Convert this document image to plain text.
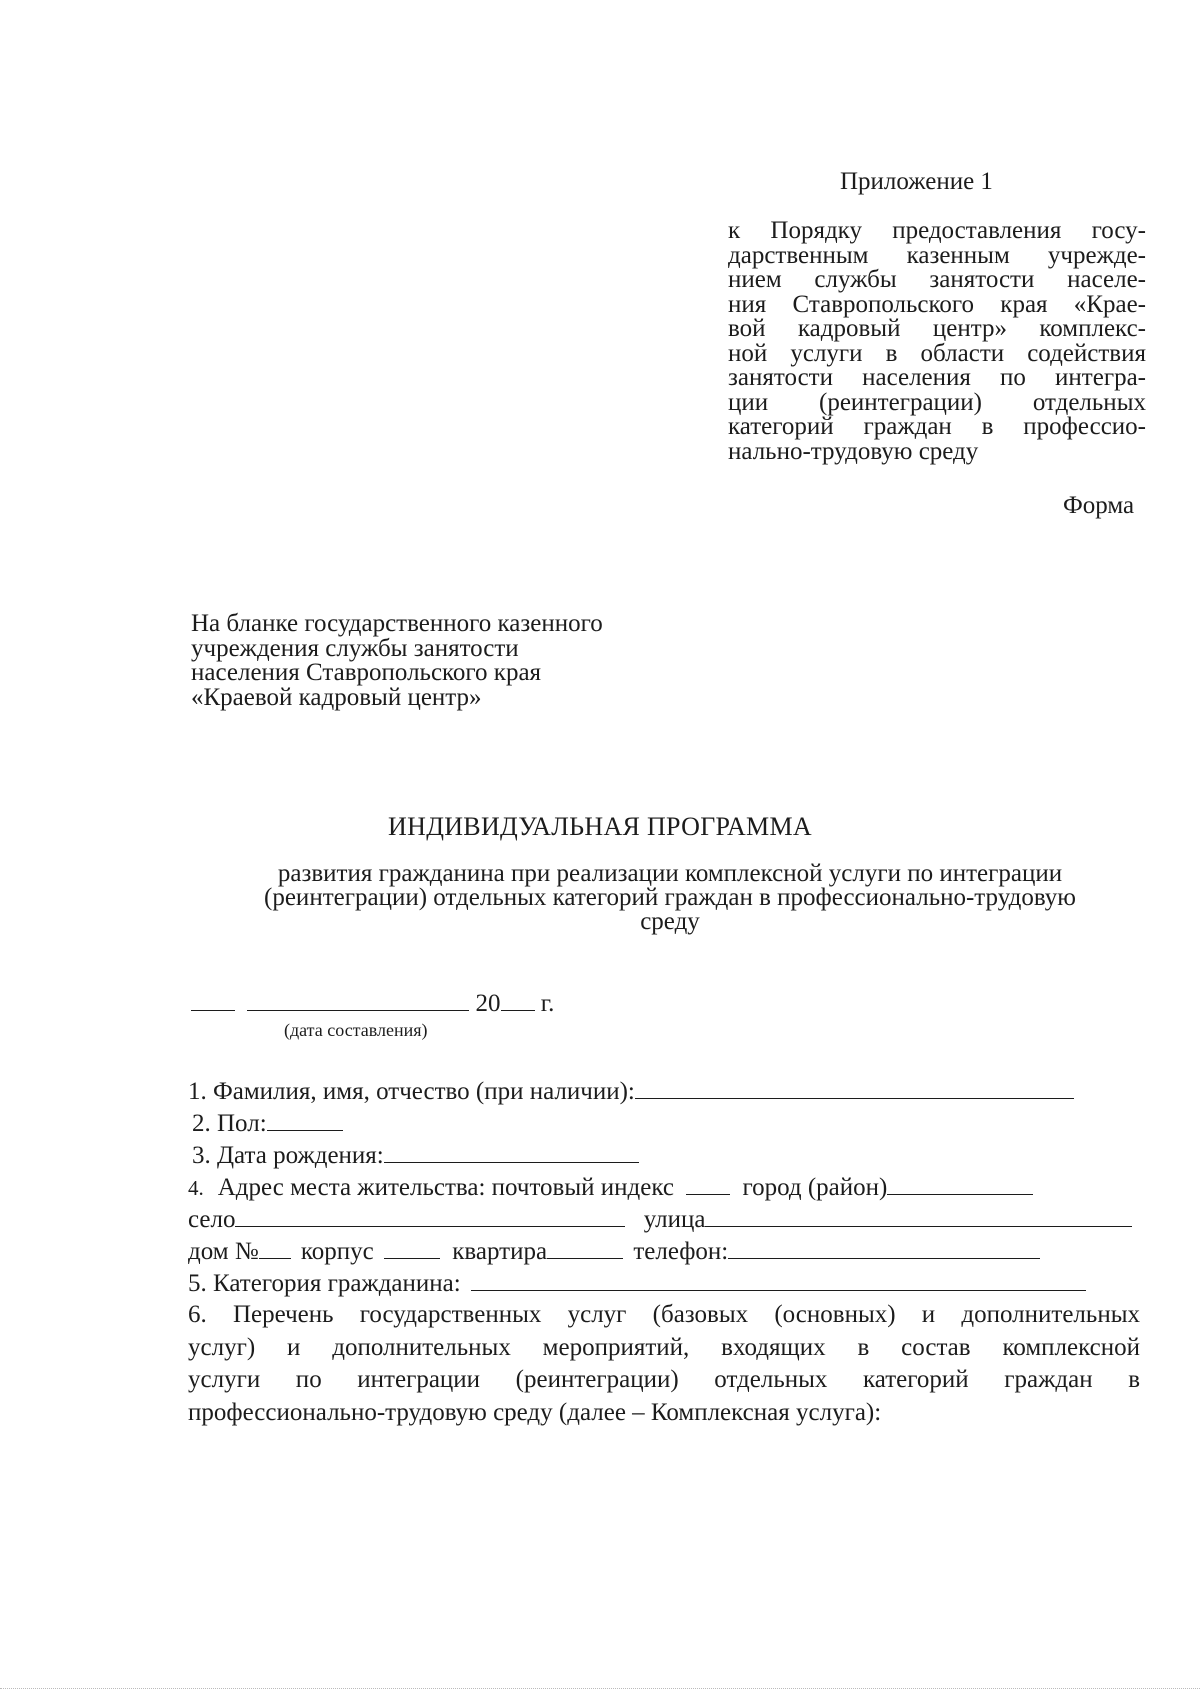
Приложение 1
к Порядку предоставления госу-
дарственным казенным учрежде-
нием службы занятости населе-
ния Ставропольского края «Крае-
вой кадровый центр» комплекс-
ной услуги в области содействия
занятости населения по интегра-
ции (реинтеграции) отдельных
категорий граждан в профессио-
нально-трудовую среду
Форма
На бланке государственного казенного
учреждения службы занятости
населения Ставропольского края
«Краевой кадровый центр»
ИНДИВИДУАЛЬНАЯ ПРОГРАММА
развития гражданина при реализации комплексной услуги по интеграции
(реинтеграции) отдельных категорий граждан в профессионально-трудовую
среду
20 г.
(дата составления)
1. Фамилия, имя, отчество (при наличии):
2. Пол:
3. Дата рождения:
4. Адрес места жительства: почтовый индекс	город (район)
село	улица
дом № корпус	квартира	телефон:
5. Категория гражданина:
6. Перечень государственных услуг (базовых (основных) и дополнительных
услуг) и дополнительных мероприятий, входящих в состав комплексной
услуги по интеграции (реинтеграции) отдельных категорий граждан в
профессионально-трудовую среду (далее – Комплексная услуга):
